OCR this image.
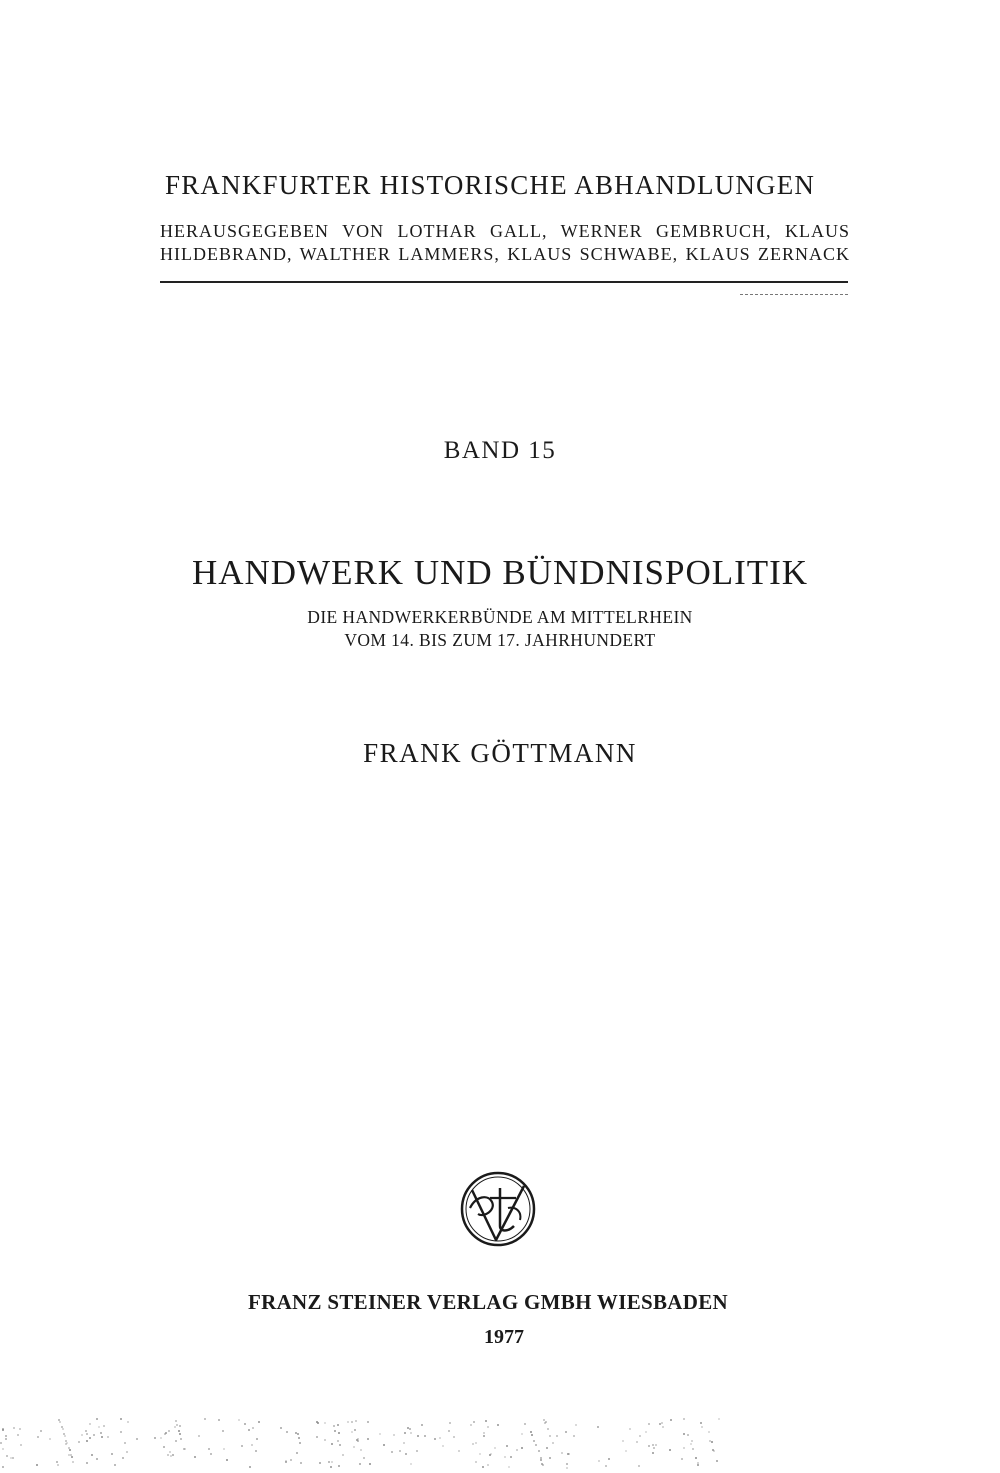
FRANKFURTER HISTORISCHE ABHANDLUNGEN
HERAUSGEGEBEN VON LOTHAR GALL, WERNER GEMBRUCH, KLAUS
HILDEBRAND, WALTHER LAMMERS, KLAUS SCHWABE, KLAUS ZERNACK
BAND 15
HANDWERK UND BÜNDNISPOLITIK
DIE HANDWERKERBÜNDE AM MITTELRHEIN
VOM 14. BIS ZUM 17. JAHRHUNDERT
FRANK GÖTTMANN
FRANZ STEINER VERLAG GMBH WIESBADEN
1977
